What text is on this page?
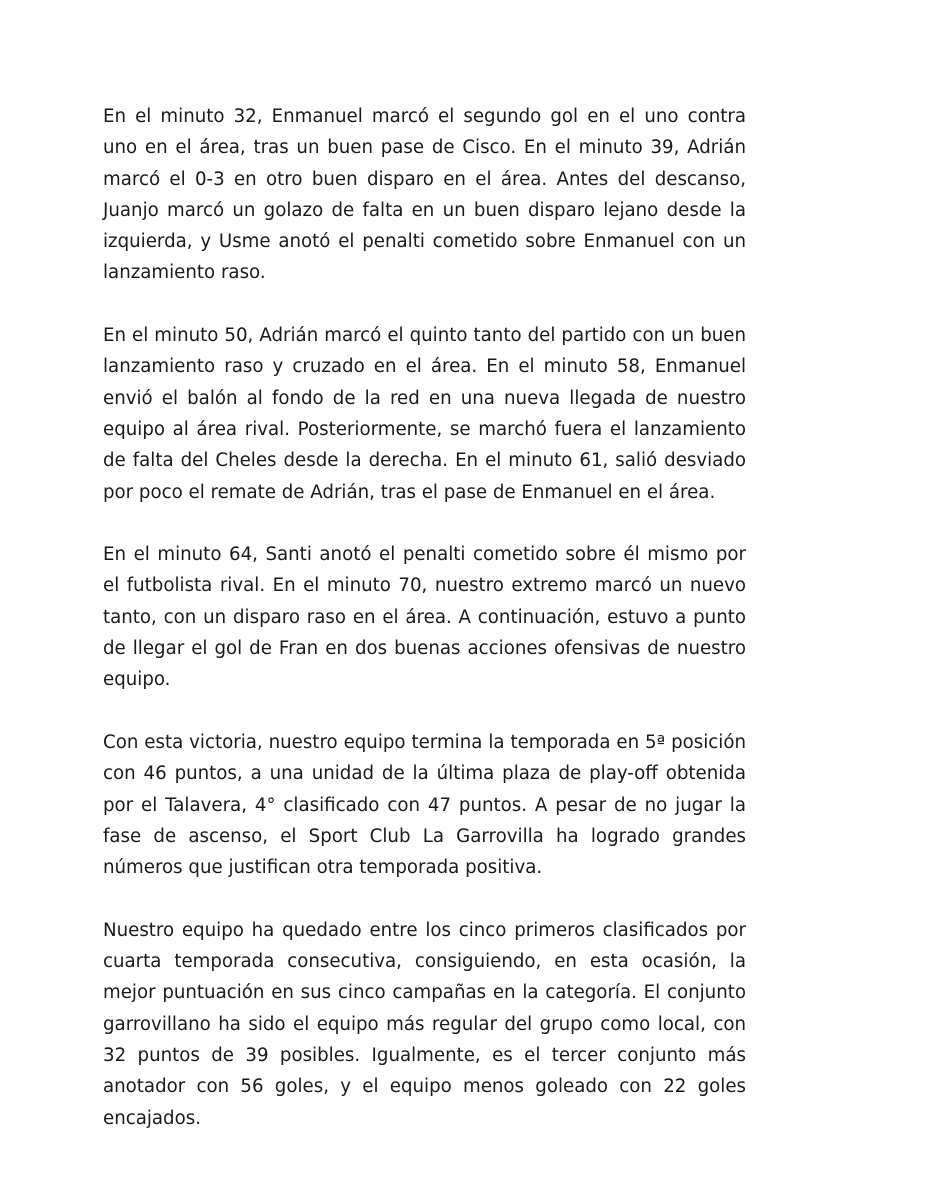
En el minuto 32, Enmanuel marcó el segundo gol en el uno contra uno en el área, tras un buen pase de Cisco. En el minuto 39, Adrián marcó el 0-3 en otro buen disparo en el área. Antes del descanso, Juanjo marcó un golazo de falta en un buen disparo lejano desde la izquierda, y Usme anotó el penalti cometido sobre Enmanuel con un lanzamiento raso.

En el minuto 50, Adrián marcó el quinto tanto del partido con un buen lanzamiento raso y cruzado en el área. En el minuto 58, Enmanuel envió el balón al fondo de la red en una nueva llegada de nuestro equipo al área rival. Posteriormente, se marchó fuera el lanzamiento de falta del Cheles desde la derecha. En el minuto 61, salió desviado por poco el remate de Adrián, tras el pase de Enmanuel en el área.

En el minuto 64, Santi anotó el penalti cometido sobre él mismo por el futbolista rival. En el minuto 70, nuestro extremo marcó un nuevo tanto, con un disparo raso en el área. A continuación, estuvo a punto de llegar el gol de Fran en dos buenas acciones ofensivas de nuestro equipo.

Con esta victoria, nuestro equipo termina la temporada en 5ª posición con 46 puntos, a una unidad de la última plaza de play-off obtenida por el Talavera, 4° clasificado con 47 puntos. A pesar de no jugar la fase de ascenso, el Sport Club La Garrovilla ha logrado grandes números que justifican otra temporada positiva.

Nuestro equipo ha quedado entre los cinco primeros clasificados por cuarta temporada consecutiva, consiguiendo, en esta ocasión, la mejor puntuación en sus cinco campañas en la categoría. El conjunto garrovillano ha sido el equipo más regular del grupo como local, con 32 puntos de 39 posibles. Igualmente, es el tercer conjunto más anotador con 56 goles, y el equipo menos goleado con 22 goles encajados.
